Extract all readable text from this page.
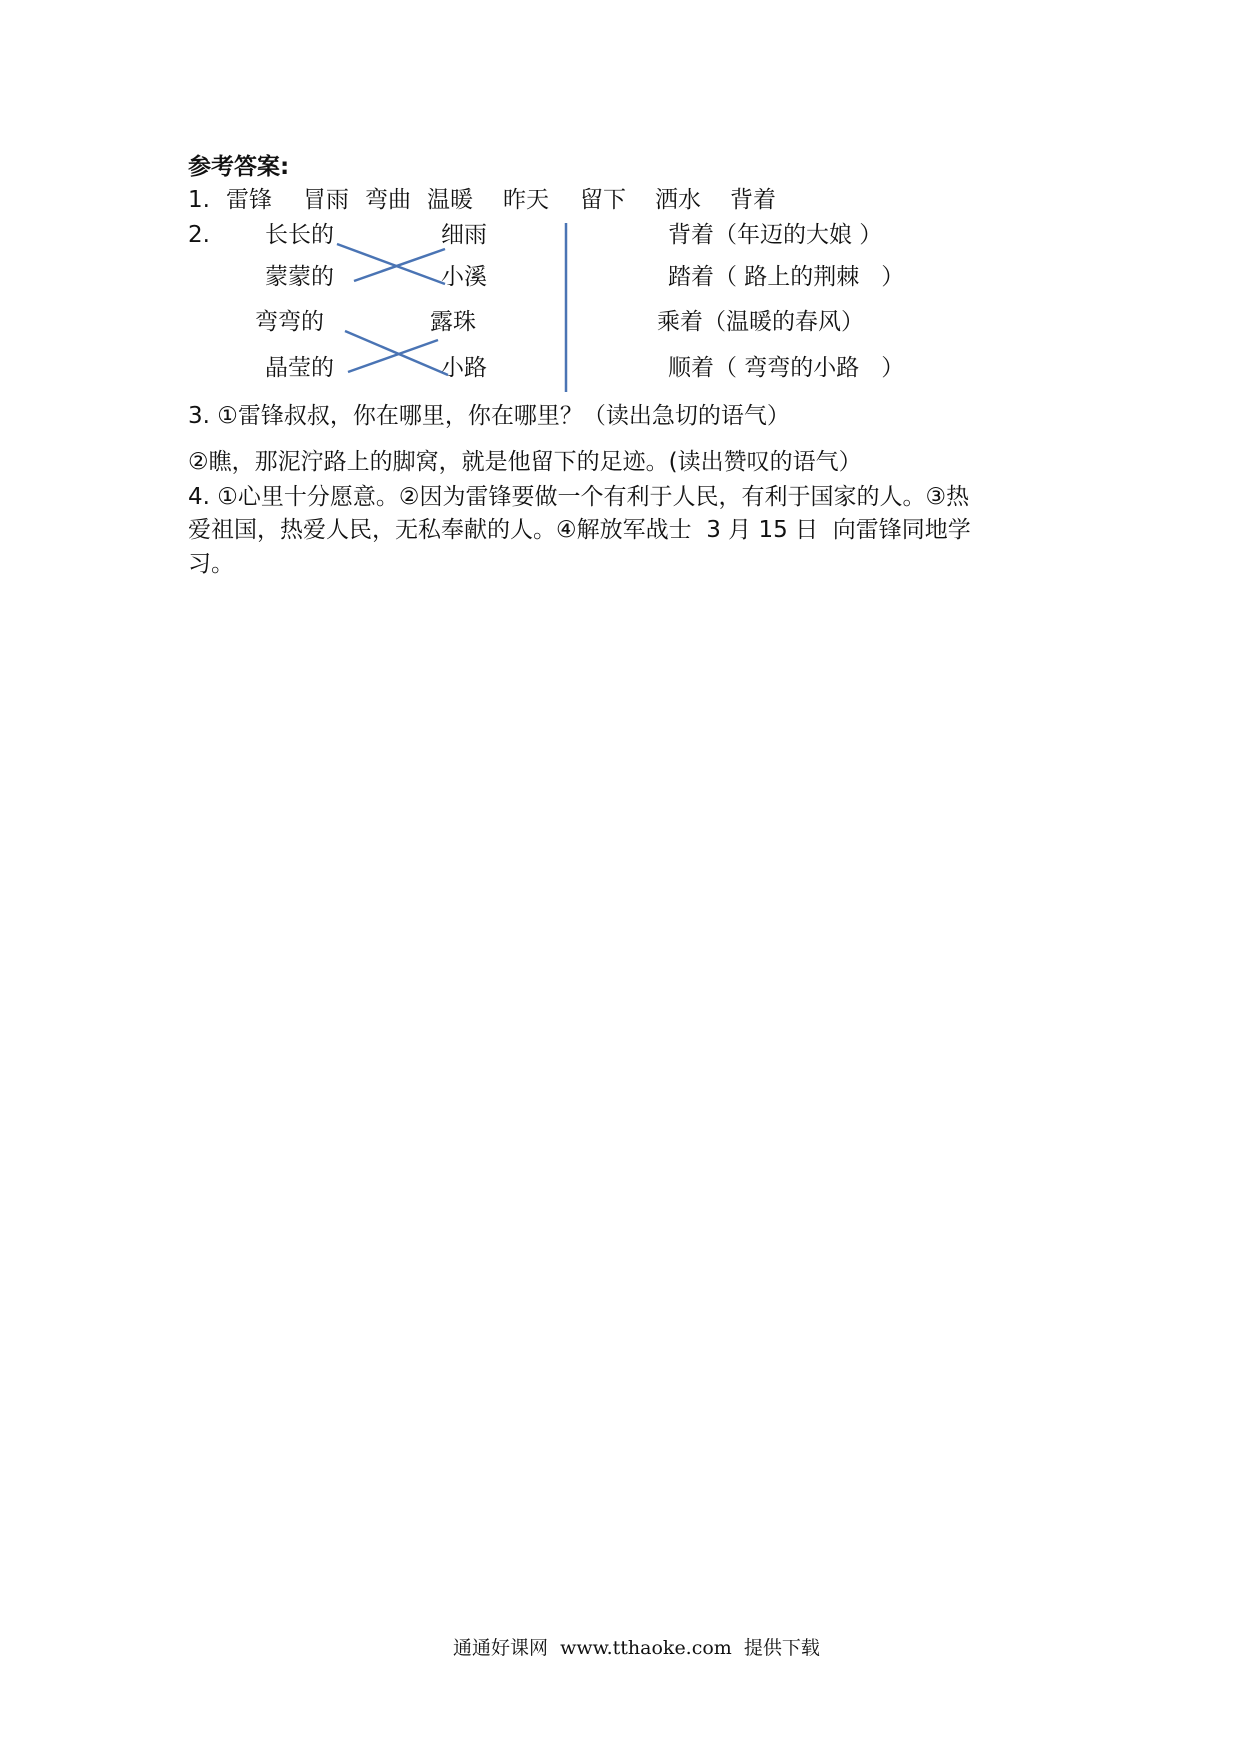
参考答案:
1. 雷锋 冒雨 弯曲 温暖 昨天 留下 洒水 背着
2. 长长的
蒙蒙的
细雨
小溪
弯弯的
晶莹的
露珠
小路
背着（年迈的大娘 ）
踏着（ 路上的荆棘   ）
乘着（温暖的春风）
顺着（ 弯弯的小路   ）
3. ①雷锋叔叔，你在哪里，你在哪里？（读出急切的语气）
②瞧，那泥泞路上的脚窝，就是他留下的足迹。(读出赞叹的语气）
4. ①心里十分愿意。②因为雷锋要做一个有利于人民，有利于国家的人。③热
爱祖国，热爱人民，无私奉献的人。④解放军战士  3 月 15 日  向雷锋同地学
习。
通通好课网  www.tthaoke.com  提供下载
